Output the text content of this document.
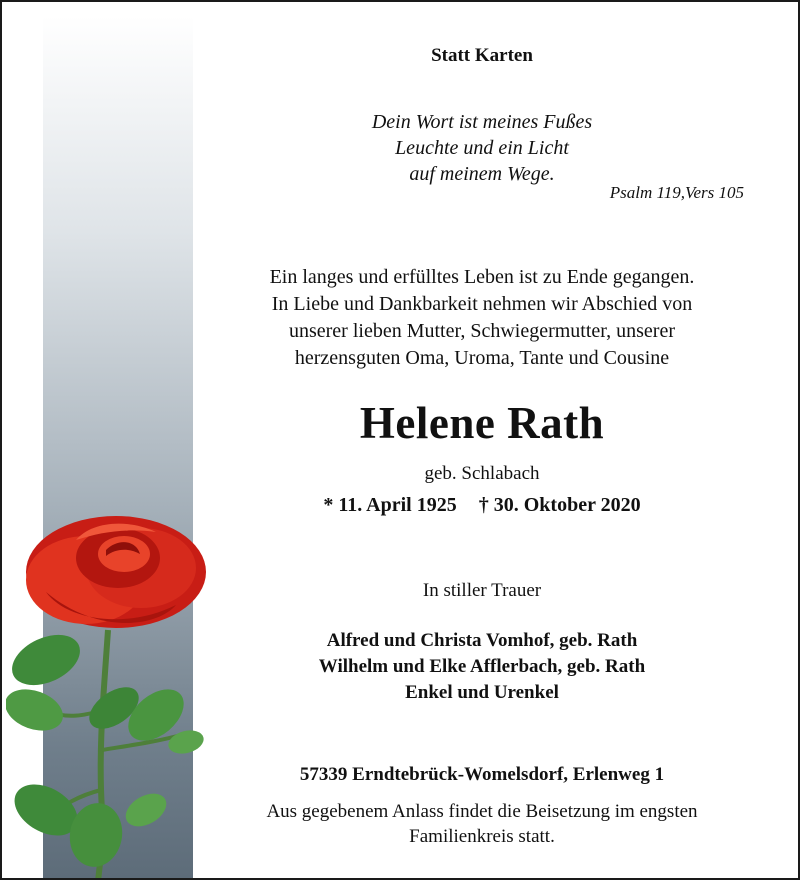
Statt Karten

Dein Wort ist meines Fußes
Leuchte und ein Licht
auf meinem Wege.

Psalm 119,Vers 105

Ein langes und erfülltes Leben ist zu Ende gegangen.
In Liebe und Dankbarkeit nehmen wir Abschied von
unserer lieben Mutter, Schwiegermutter, unserer
herzensguten Oma, Uroma, Tante und Cousine

Helene Rath

geb. Schlabach

* 11. April 1925 † 30. Oktober 2020

In stiller Trauer

Alfred und Christa Vomhof, geb. Rath
Wilhelm und Elke Afflerbach, geb. Rath
Enkel und Urenkel

57339 Erndtebrück-Womelsdorf, Erlenweg 1

Aus gegebenem Anlass findet die Beisetzung im engsten
Familienkreis statt.
